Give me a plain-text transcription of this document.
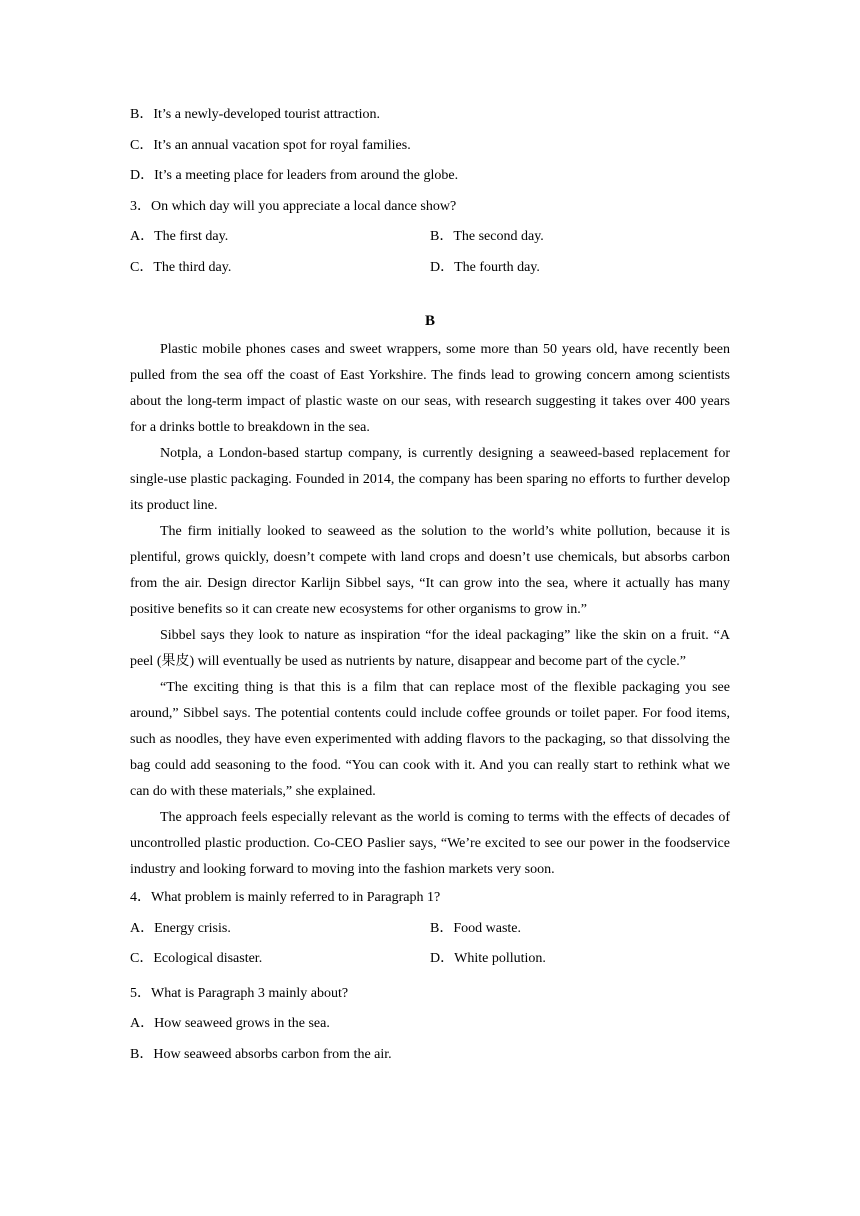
B．It’s a newly-developed tourist attraction.
C．It’s an annual vacation spot for royal families.
D．It’s a meeting place for leaders from around the globe.
3．On which day will you appreciate a local dance show?
A．The first day.	B．The second day.
C．The third day.	D．The fourth day.
B

Plastic mobile phones cases and sweet wrappers, some more than 50 years old, have recently been pulled from the sea off the coast of East Yorkshire. The finds lead to growing concern among scientists about the long-term impact of plastic waste on our seas, with research suggesting it takes over 400 years for a drinks bottle to breakdown in the sea.

Notpla, a London-based startup company, is currently designing a seaweed-based replacement for single-use plastic packaging. Founded in 2014, the company has been sparing no efforts to further develop its product line.

The firm initially looked to seaweed as the solution to the world’s white pollution, because it is plentiful, grows quickly, doesn’t compete with land crops and doesn’t use chemicals, but absorbs carbon from the air. Design director Karlijn Sibbel says, “It can grow into the sea, where it actually has many positive benefits so it can create new ecosystems for other organisms to grow in.”

Sibbel says they look to nature as inspiration “for the ideal packaging” like the skin on a fruit. “A peel (果皮) will eventually be used as nutrients by nature, disappear and become part of the cycle.”

“The exciting thing is that this is a film that can replace most of the flexible packaging you see around,” Sibbel says. The potential contents could include coffee grounds or toilet paper. For food items, such as noodles, they have even experimented with adding flavors to the packaging, so that dissolving the bag could add seasoning to the food. “You can cook with it. And you can really start to rethink what we can do with these materials,” she explained.

The approach feels especially relevant as the world is coming to terms with the effects of decades of uncontrolled plastic production. Co-CEO Paslier says, “We’re excited to see our power in the foodservice industry and looking forward to moving into the fashion markets very soon.

4．What problem is mainly referred to in Paragraph 1?
A．Energy crisis.	B．Food waste.
C．Ecological disaster.	D．White pollution.
5．What is Paragraph 3 mainly about?
A．How seaweed grows in the sea.
B．How seaweed absorbs carbon from the air.
